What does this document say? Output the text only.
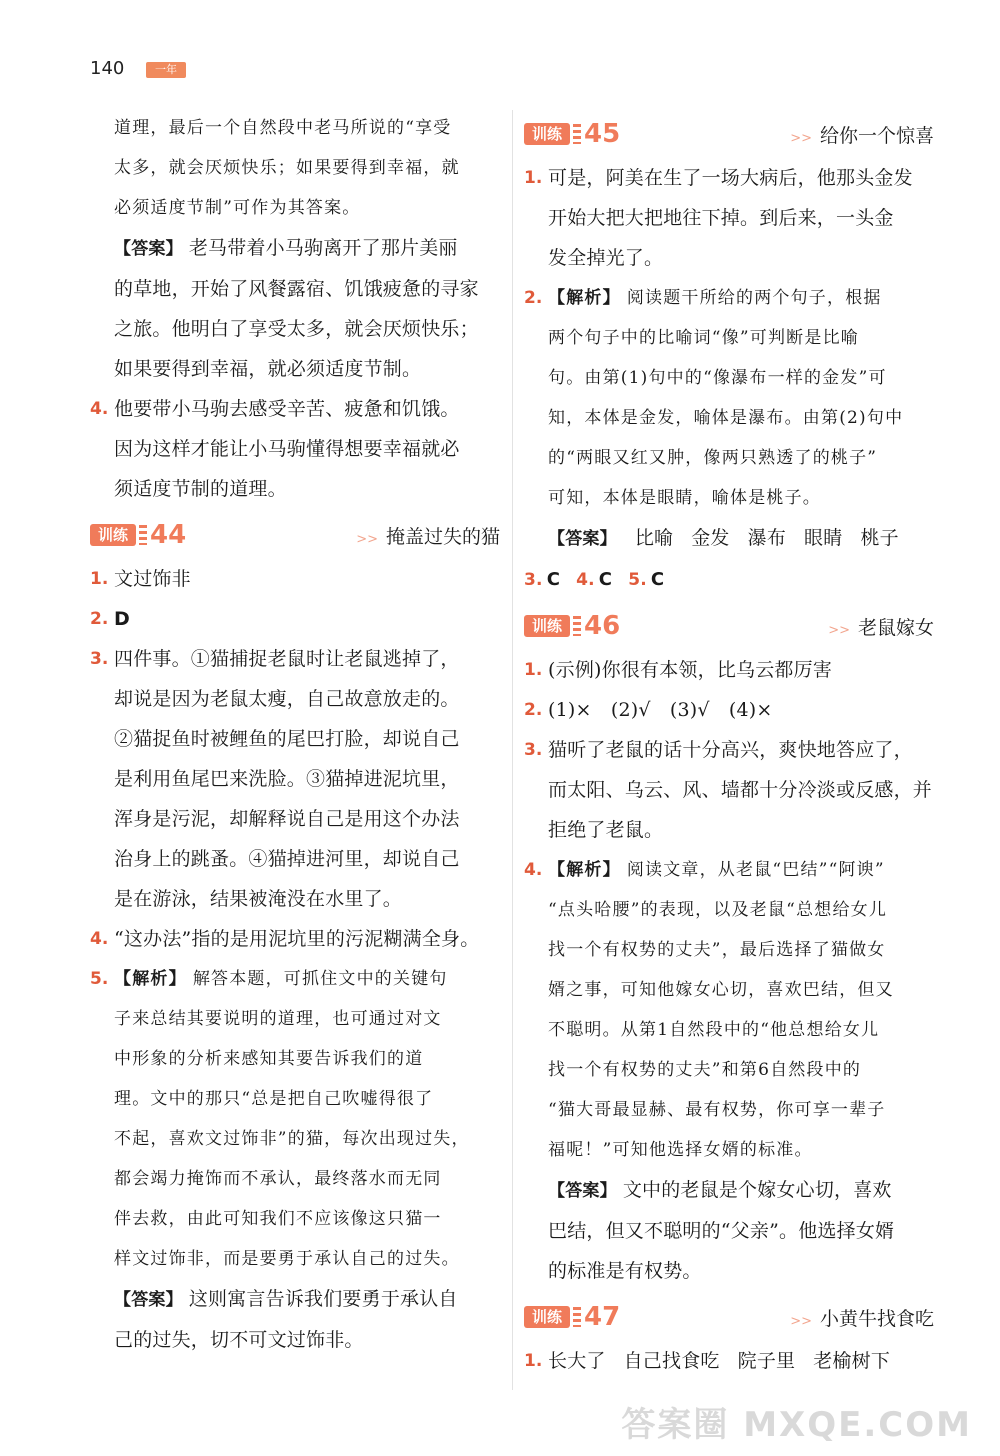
140	一年

道理，最后一个自然段中老马所说的“享受

太多，就会厌烦快乐；如果要得到幸福，就

必须适度节制”可作为其答案。

【答案】 老马带着小马驹离开了那片美丽

的草地，开始了风餐露宿、饥饿疲惫的寻家

之旅。他明白了享受太多，就会厌烦快乐；

如果要得到幸福，就必须适度节制。

4. 他要带小马驹去感受辛苦、疲惫和饥饿。

因为这样才能让小马驹懂得想要幸福就必

须适度节制的道理。

训练 44	>> 掩盖过失的猫
1. 文过饰非

2. D

3. 四件事。①猫捕捉老鼠时让老鼠逃掉了，

却说是因为老鼠太瘦，自己故意放走的。

②猫捉鱼时被鲤鱼的尾巴打脸，却说自己

是利用鱼尾巴来洗脸。③猫掉进泥坑里，

浑身是污泥，却解释说自己是用这个办法

治身上的跳蚤。④猫掉进河里，却说自己

是在游泳，结果被淹没在水里了。

4. “这办法”指的是用泥坑里的污泥糊满全身。

5. 【解析】 解答本题，可抓住文中的关键句

子来总结其要说明的道理，也可通过对文

中形象的分析来感知其要告诉我们的道

理。文中的那只“总是把自己吹嘘得很了

不起，喜欢文过饰非”的猫，每次出现过失，

都会竭力掩饰而不承认，最终落水而无同

伴去救，由此可知我们不应该像这只猫一

样文过饰非，而是要勇于承认自己的过失。

【答案】 这则寓言告诉我们要勇于承认自

己的过失，切不可文过饰非。

训练 45	>> 给你一个惊喜
1. 可是，阿美在生了一场大病后，他那头金发

开始大把大把地往下掉。到后来，一头金

发全掉光了。

2. 【解析】 阅读题干所给的两个句子，根据

两个句子中的比喻词“像”可判断是比喻

句。由第(1)句中的“像瀑布一样的金发”可

知，本体是金发，喻体是瀑布。由第(2)句中

的“两眼又红又肿，像两只熟透了的桃子”

可知，本体是眼睛，喻体是桃子。

【答案】 比喻 金发 瀑布 眼睛 桃子

3. C 4. C 5. C

训练 46	>> 老鼠嫁女
1. (示例)你很有本领，比乌云都厉害

2. (1)×　(2)√　(3)√　(4)×

3. 猫听了老鼠的话十分高兴，爽快地答应了，

而太阳、乌云、风、墙都十分冷淡或反感，并

拒绝了老鼠。

4. 【解析】 阅读文章，从老鼠“巴结”“阿谀”

“点头哈腰”的表现，以及老鼠“总想给女儿

找一个有权势的丈夫”，最后选择了猫做女

婿之事，可知他嫁女心切，喜欢巴结，但又

不聪明。从第1自然段中的“他总想给女儿

找一个有权势的丈夫”和第6自然段中的

“猫大哥最显赫、最有权势，你可享一辈子

福呢！”可知他选择女婿的标准。

【答案】 文中的老鼠是个嫁女心切，喜欢

巴结，但又不聪明的“父亲”。他选择女婿

的标准是有权势。

训练 47	>> 小黄牛找食吃
1. 长大了 自己找食吃 院子里 老榆树下

答案圈 MXQE.COM
